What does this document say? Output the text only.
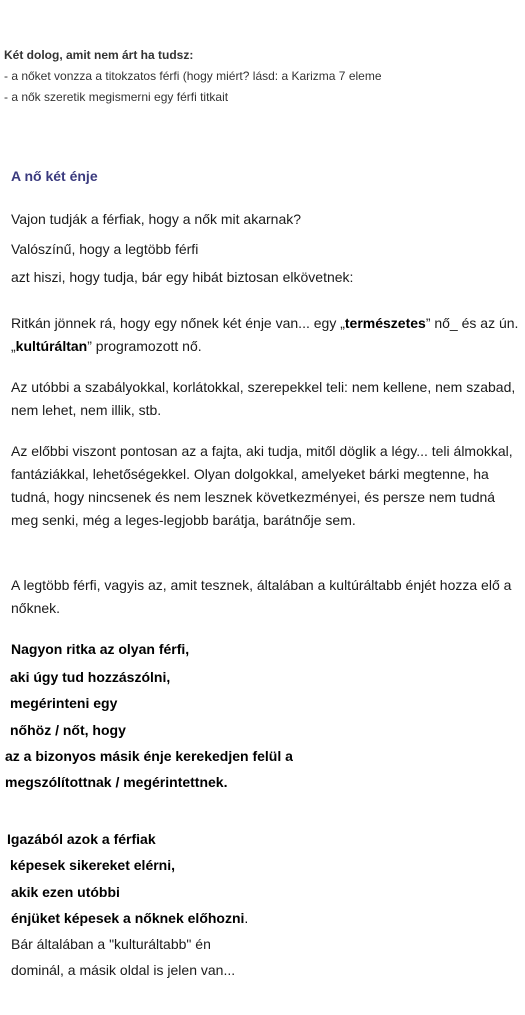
Két dolog, amit nem árt ha tudsz:
- a nőket vonzza a titokzatos férfi (hogy miért? lásd: a Karizma 7 eleme
- a nők szeretik megismerni egy férfi titkait
A nő két énje
Vajon tudják a férfiak, hogy a nők mit akarnak?
Valószínű, hogy a legtöbb férfi
azt hiszi, hogy tudja, bár egy hibát biztosan elkövetnek:
Ritkán jönnek rá, hogy egy nőnek két énje van... egy „természetes” nő_ és az ún. „kultúráltan” programozott nő.
Az utóbbi a szabályokkal, korlátokkal, szerepekkel teli: nem kellene, nem szabad, nem lehet, nem illik, stb.
Az előbbi viszont pontosan az a fajta, aki tudja, mitől döglik a légy... teli álmokkal, fantáziákkal, lehetőségekkel. Olyan dolgokkal, amelyeket bárki megtenne, ha tudná, hogy nincsenek és nem lesznek következményei, és persze nem tudná meg senki, még a leges-legjobb barátja, barátnője sem.
A legtöbb férfi, vagyis az, amit tesznek, általában a kultúráltabb énjét hozza elő a nőknek.
Nagyon ritka az olyan férfi,
aki úgy tud hozzászólni,
megérinteni egy
nőhöz / nőt, hogy
az a bizonyos másik énje kerekedjen felül a
megszólítottnak / megérintettnek.
Igazából azok a férfiak
képesek sikereket elérni,
akik ezen utóbbi
énjüket képesek a nőknek előhozni.
Bár általában a "kulturáltabb" én
dominál, a másik oldal is jelen van...
